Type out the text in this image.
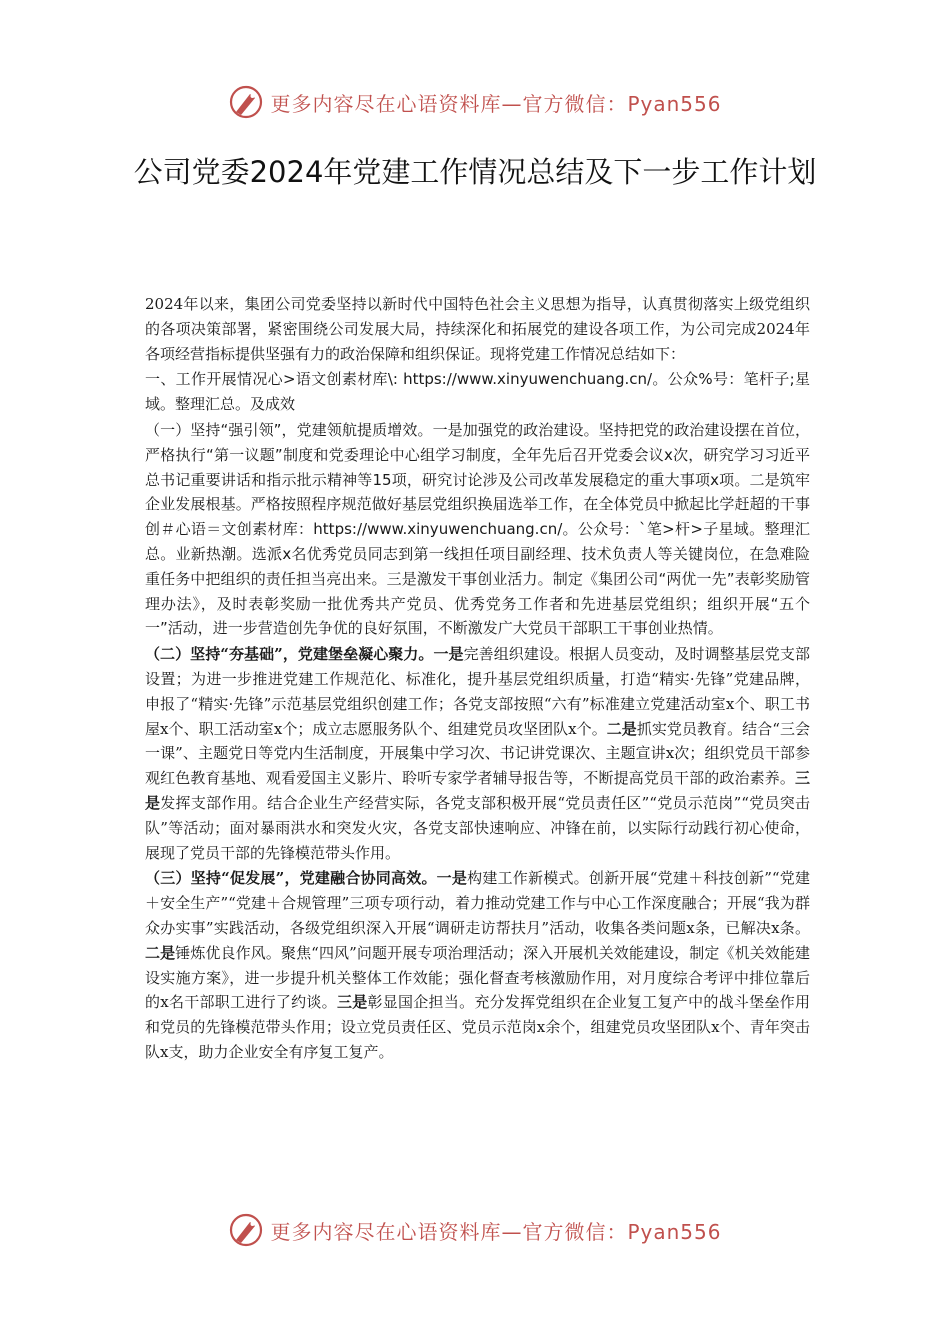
更多内容尽在心语资料库—官方微信：Pyan556
公司党委2024年党建工作情况总结及下一步工作计划

2024年以来，集团公司党委坚持以新时代中国特色社会主义思想为指导，认真贯彻落实上级党组织的各项决策部署，紧密围绕公司发展大局，持续深化和拓展党的建设各项工作，为公司完成2024年各项经营指标提供坚强有力的政治保障和组织保证。现将党建工作情况总结如下：

一、工作开展情况心>语文创素材库\: https://www.xinyuwenchuang.cn/。公众%号：笔杆子;星域。整理汇总。及成效

（一）坚持“强引领”，党建领航提质增效。一是加强党的政治建设。坚持把党的政治建设摆在首位，严格执行“第一议题”制度和党委理论中心组学习制度，全年先后召开党委会议x次，研究学习习近平总书记重要讲话和指示批示精神等15项，研究讨论涉及公司改革发展稳定的重大事项x项。二是筑牢企业发展根基。严格按照程序规范做好基层党组织换届选举工作，在全体党员中掀起比学赶超的干事创＃心语＝文创素材库：https://www.xinyuwenchuang.cn/。公众号：`笔>杆>子星域。整理汇总。业新热潮。选派x名优秀党员同志到第一线担任项目副经理、技术负责人等关键岗位，在急难险重任务中把组织的责任担当亮出来。三是激发干事创业活力。制定《集团公司“两优一先”表彰奖励管理办法》，及时表彰奖励一批优秀共产党员、优秀党务工作者和先进基层党组织；组织开展“五个一”活动，进一步营造创先争优的良好氛围，不断激发广大党员干部职工干事创业热情。

（二）坚持“夯基础”，党建堡垒凝心聚力。一是完善组织建设。根据人员变动，及时调整基层党支部设置；为进一步推进党建工作规范化、标准化，提升基层党组织质量，打造“精实·先锋”党建品牌，申报了“精实·先锋”示范基层党组织创建工作；各党支部按照“六有”标准建立党建活动室x个、职工书屋x个、职工活动室x个；成立志愿服务队个、组建党员攻坚团队x个。二是抓实党员教育。结合“三会一课”、主题党日等党内生活制度，开展集中学习次、书记讲党课次、主题宣讲x次；组织党员干部参观红色教育基地、观看爱国主义影片、聆听专家学者辅导报告等，不断提高党员干部的政治素养。三是发挥支部作用。结合企业生产经营实际，各党支部积极开展“党员责任区”“党员示范岗”“党员突击队”等活动；面对暴雨洪水和突发火灾，各党支部快速响应、冲锋在前，以实际行动践行初心使命，展现了党员干部的先锋模范带头作用。

（三）坚持“促发展”，党建融合协同高效。一是构建工作新模式。创新开展“党建＋科技创新”“党建＋安全生产”“党建＋合规管理”三项专项行动，着力推动党建工作与中心工作深度融合；开展“我为群众办实事”实践活动，各级党组织深入开展“调研走访帮扶月”活动，收集各类问题x条，已解决x条。二是锤炼优良作风。聚焦“四风”问题开展专项治理活动；深入开展机关效能建设，制定《机关效能建设实施方案》，进一步提升机关整体工作效能；强化督查考核激励作用，对月度综合考评中排位靠后的x名干部职工进行了约谈。三是彰显国企担当。充分发挥党组织在企业复工复产中的战斗堡垒作用和党员的先锋模范带头作用；设立党员责任区、党员示范岗x余个，组建党员攻坚团队x个、青年突击队x支，助力企业安全有序复工复产。

更多内容尽在心语资料库—官方微信：Pyan556
